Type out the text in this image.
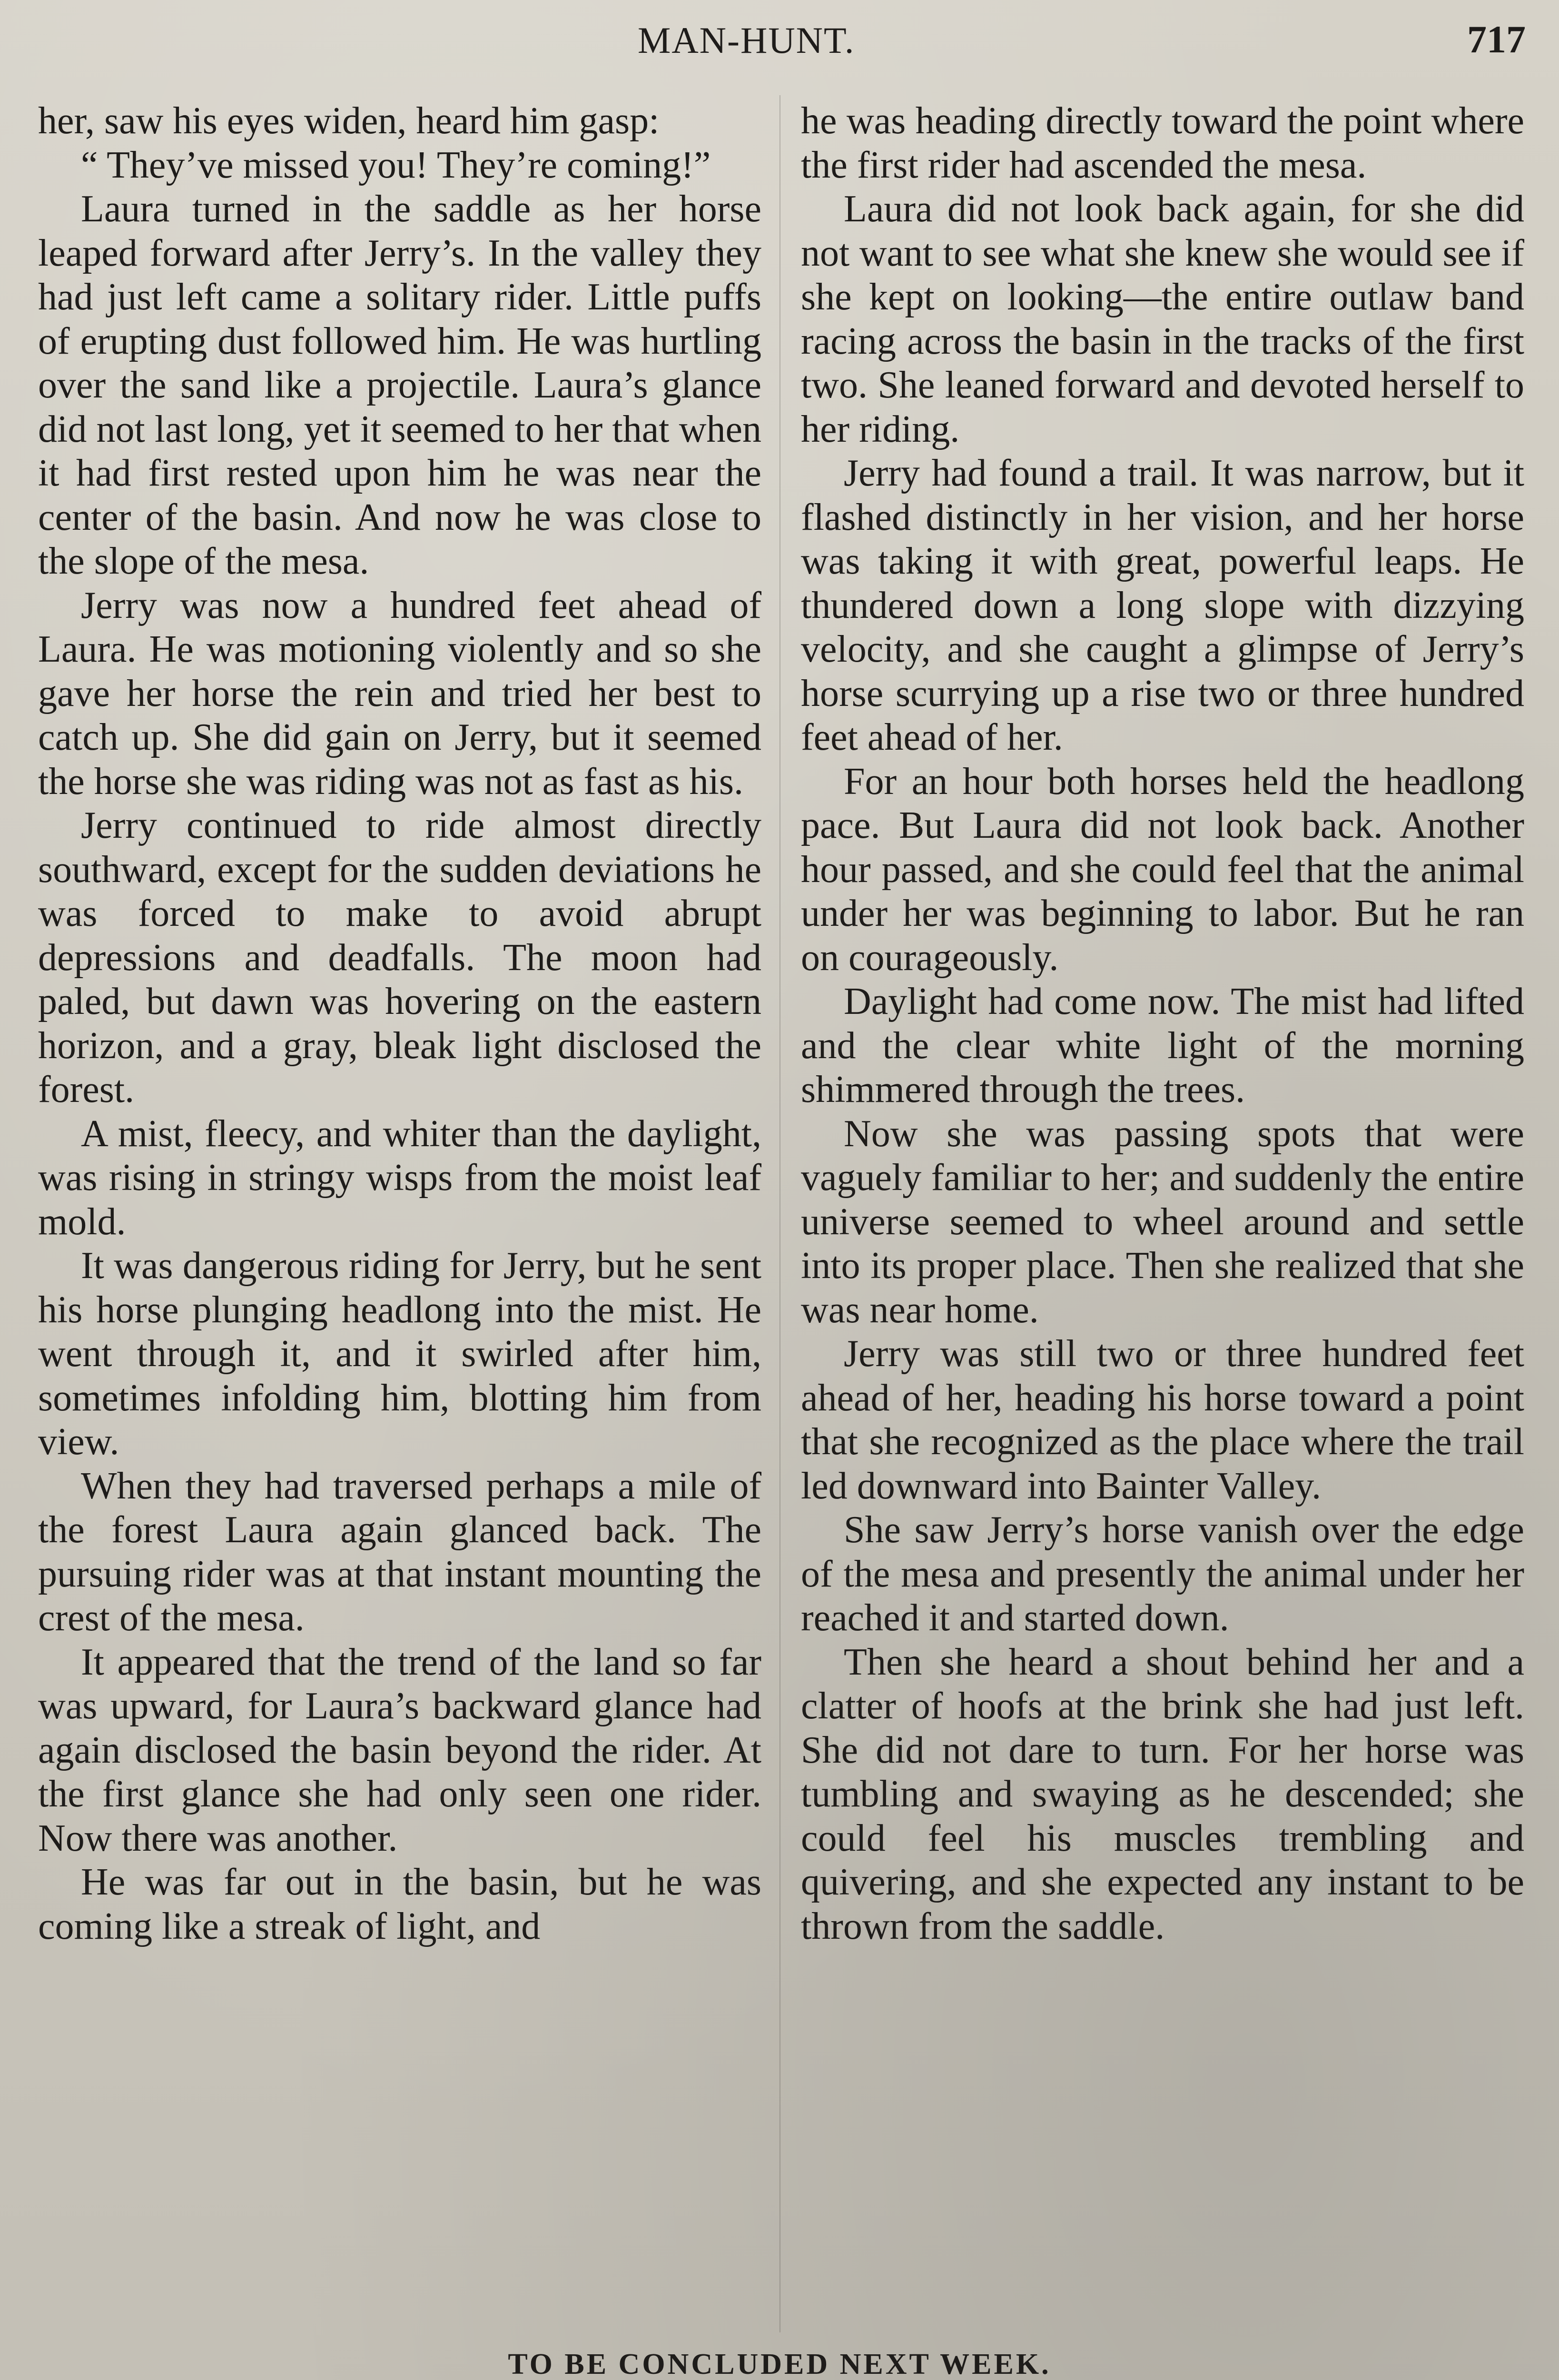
MAN-HUNT.	717

her, saw his eyes widen, heard him gasp:

“ They’ve missed you! They’re coming!”

Laura turned in the saddle as her horse leaped forward after Jerry’s. In the valley they had just left came a solitary rider. Little puffs of erupting dust followed him. He was hurtling over the sand like a projectile. Laura’s glance did not last long, yet it seemed to her that when it had first rested upon him he was near the center of the basin. And now he was close to the slope of the mesa.

Jerry was now a hundred feet ahead of Laura. He was motioning violently and so she gave her horse the rein and tried her best to catch up. She did gain on Jerry, but it seemed the horse she was riding was not as fast as his.

Jerry continued to ride almost directly southward, except for the sudden deviations he was forced to make to avoid abrupt depressions and deadfalls. The moon had paled, but dawn was hovering on the eastern horizon, and a gray, bleak light disclosed the forest.

A mist, fleecy, and whiter than the daylight, was rising in stringy wisps from the moist leaf mold.

It was dangerous riding for Jerry, but he sent his horse plunging headlong into the mist. He went through it, and it swirled after him, sometimes infolding him, blotting him from view.

When they had traversed perhaps a mile of the forest Laura again glanced back. The pursuing rider was at that instant mounting the crest of the mesa.

It appeared that the trend of the land so far was upward, for Laura’s backward glance had again disclosed the basin beyond the rider. At the first glance she had only seen one rider. Now there was another.

He was far out in the basin, but he was coming like a streak of light, and

he was heading directly toward the point where the first rider had ascended the mesa.

Laura did not look back again, for she did not want to see what she knew she would see if she kept on looking—the entire outlaw band racing across the basin in the tracks of the first two. She leaned forward and devoted herself to her riding.

Jerry had found a trail. It was narrow, but it flashed distinctly in her vision, and her horse was taking it with great, powerful leaps. He thundered down a long slope with dizzying velocity, and she caught a glimpse of Jerry’s horse scurrying up a rise two or three hundred feet ahead of her.

For an hour both horses held the headlong pace. But Laura did not look back. Another hour passed, and she could feel that the animal under her was beginning to labor. But he ran on courageously.

Daylight had come now. The mist had lifted and the clear white light of the morning shimmered through the trees.

Now she was passing spots that were vaguely familiar to her; and suddenly the entire universe seemed to wheel around and settle into its proper place. Then she realized that she was near home.

Jerry was still two or three hundred feet ahead of her, heading his horse toward a point that she recognized as the place where the trail led downward into Bainter Valley.

She saw Jerry’s horse vanish over the edge of the mesa and presently the animal under her reached it and started down.

Then she heard a shout behind her and a clatter of hoofs at the brink she had just left. She did not dare to turn. For her horse was tumbling and swaying as he descended; she could feel his muscles trembling and quivering, and she expected any instant to be thrown from the saddle.

TO BE CONCLUDED NEXT WEEK.
